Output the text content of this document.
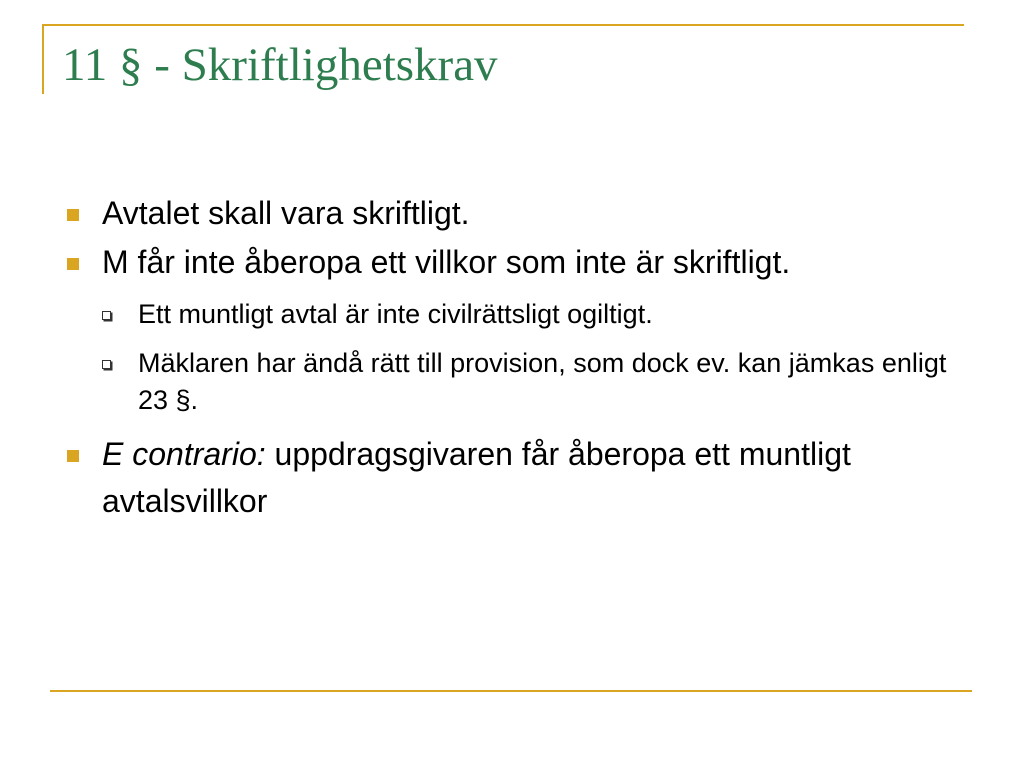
11 § - Skriftlighetskrav
Avtalet skall vara skriftligt.
M får inte åberopa ett villkor som inte är skriftligt.
Ett muntligt avtal är inte civilrättsligt ogiltigt.
Mäklaren har ändå rätt till provision, som dock ev. kan jämkas enligt 23 §.
E contrario: uppdragsgivaren får åberopa ett muntligt avtalsvillkor
